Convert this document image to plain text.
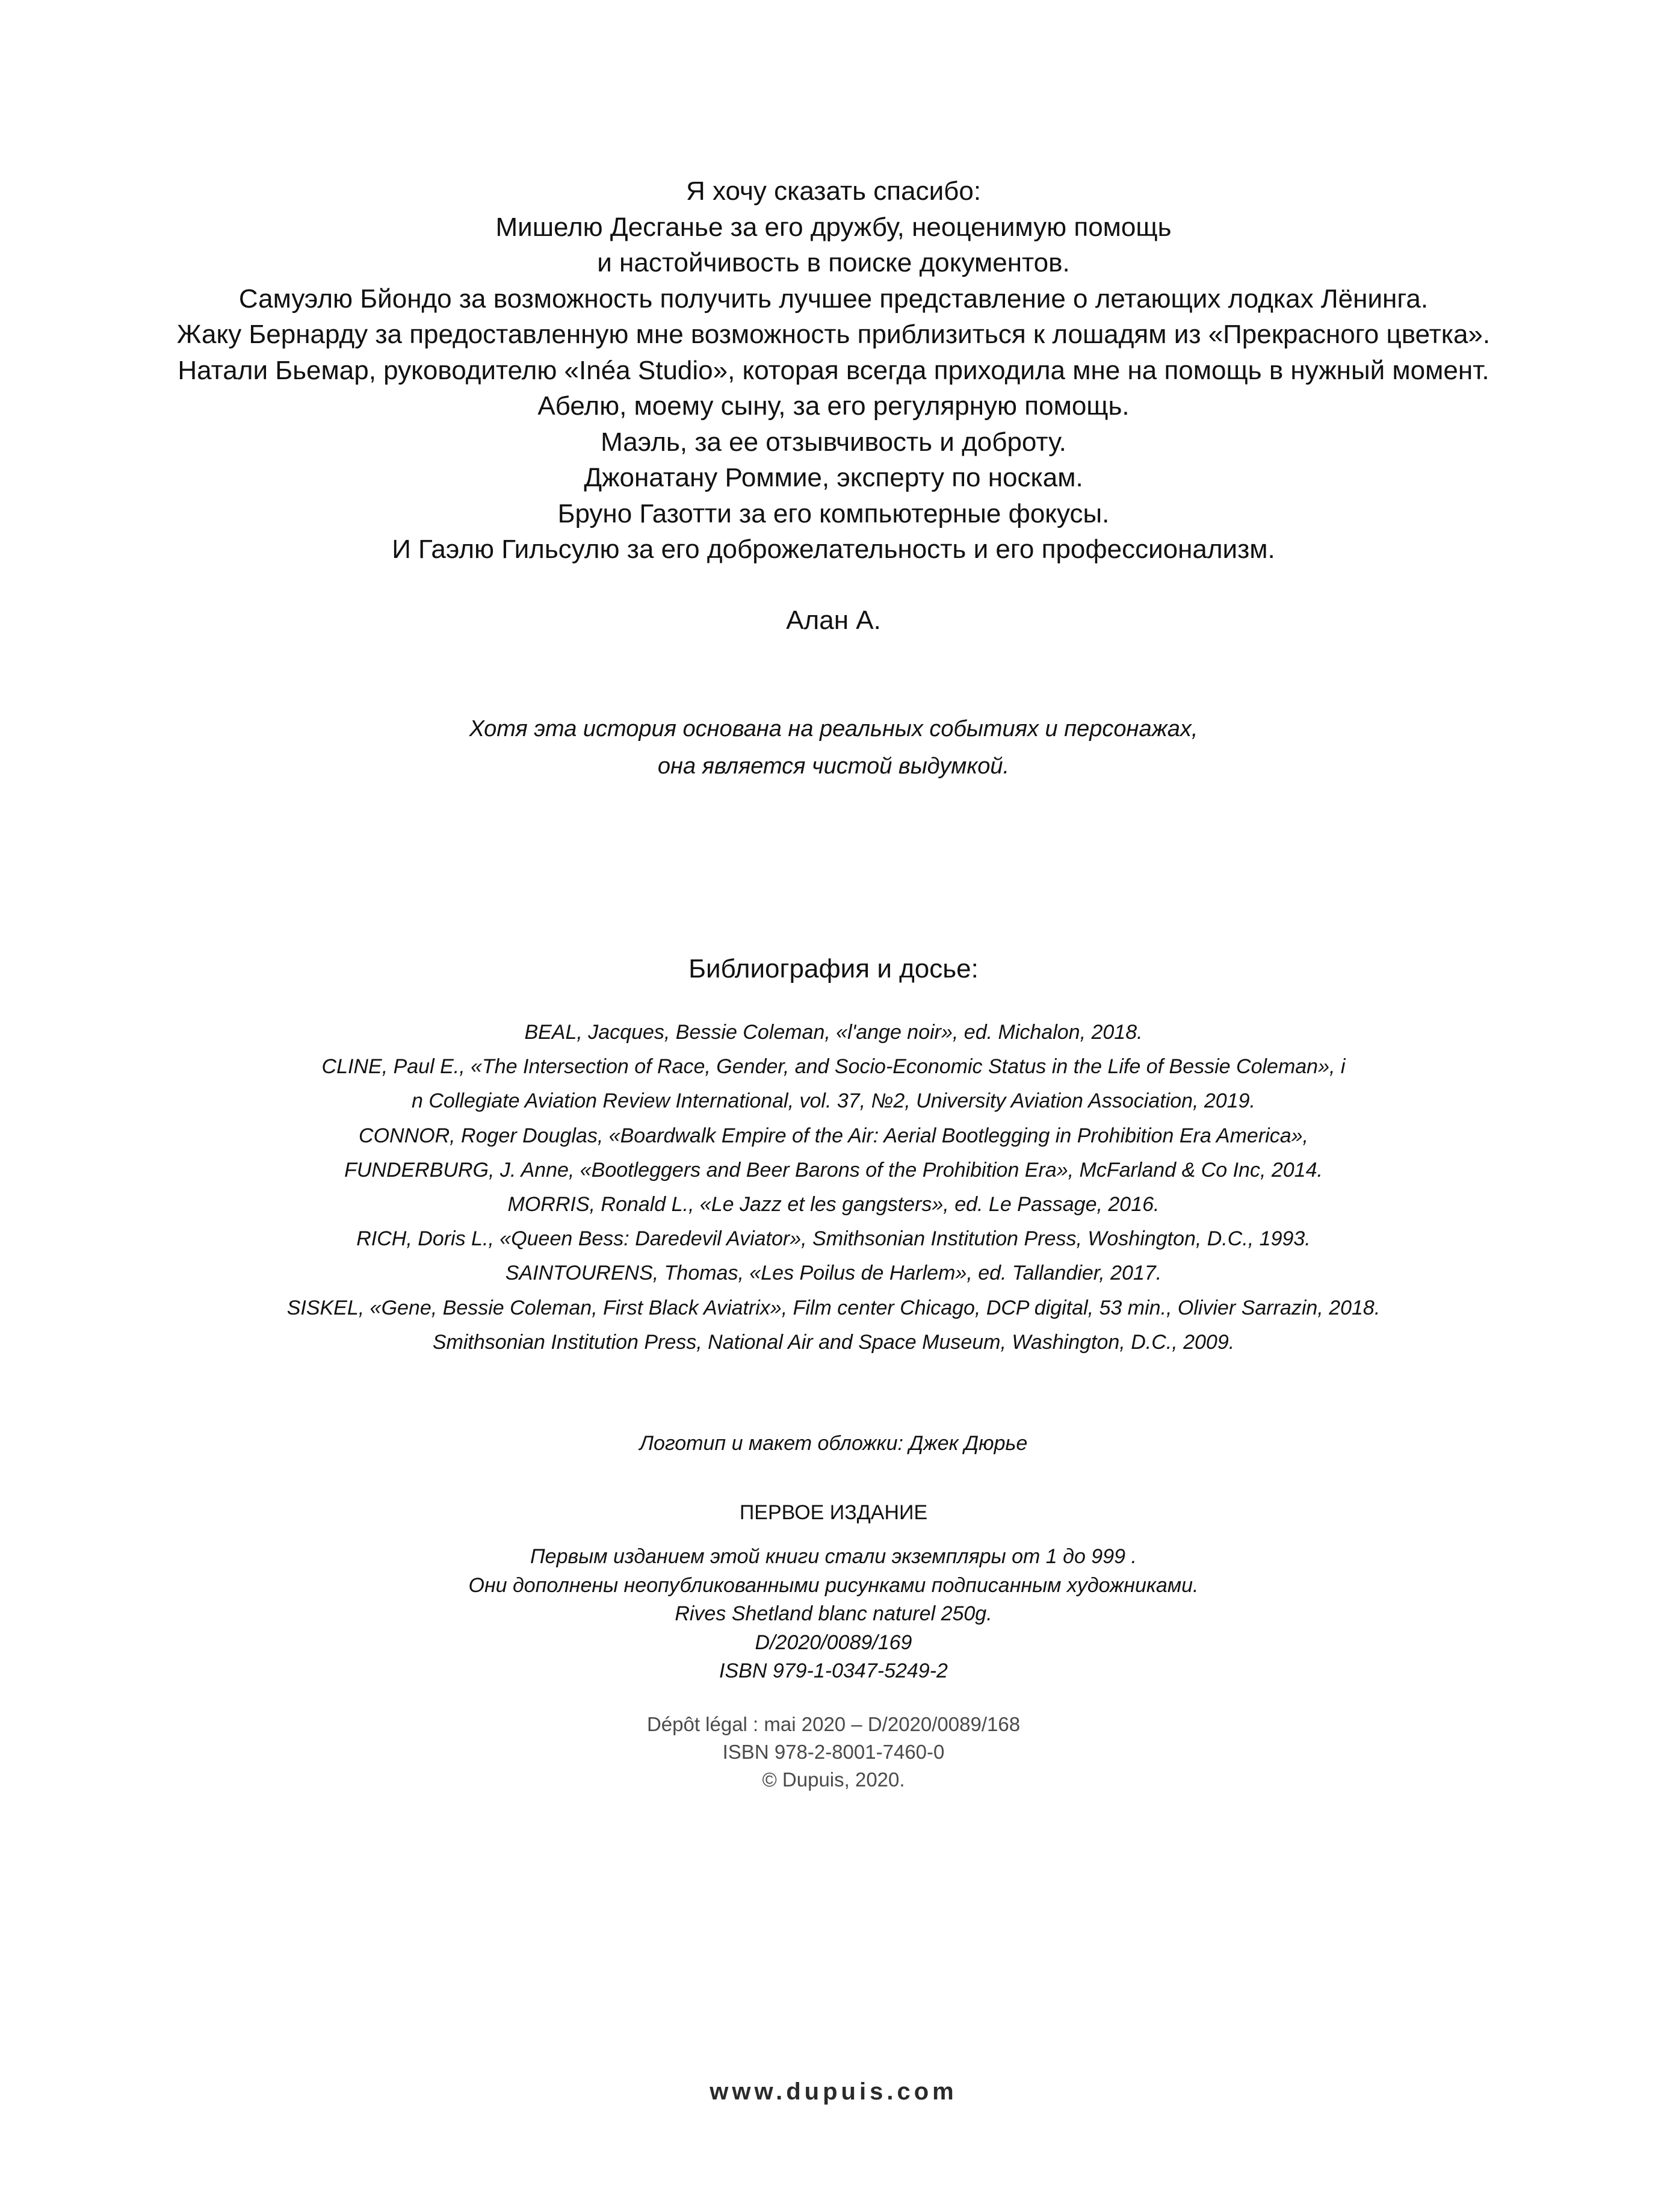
Я хочу сказать спасибо:
Мишелю Десганье за его дружбу, неоценимую помощь
и настойчивость в поиске документов.
Самуэлю Бйондо за возможность получить лучшее представление о летающих лодках Лёнинга.
Жаку Бернарду за предоставленную мне возможность приблизиться к лошадям из «Прекрасного цветка».
Натали Бьемар, руководителю «Inéa Studio», которая всегда приходила мне на помощь в нужный момент.
Абелю, моему сыну, за его регулярную помощь.
Маэль, за ее отзывчивость и доброту.
Джонатану Роммие, эксперту по носкам.
Бруно Газотти за его компьютерные фокусы.
И Гаэлю Гильсулю за его доброжелательность и его профессионализм.
Алан А.
Хотя эта история основана на реальных событиях и персонажах,
она является чистой выдумкой.
Библиография и досье:
BEAL, Jacques, Bessie Coleman, «l'ange noir», ed. Michalon, 2018.
CLINE, Paul E., «The Intersection of Race, Gender, and Socio-Economic Status in the Life of Bessie Coleman», i
n Collegiate Aviation Review International, vol. 37, №2, University Aviation Association, 2019.
CONNOR, Roger Douglas, «Boardwalk Empire of the Air: Aerial Bootlegging in Prohibition Era America»,
FUNDERBURG, J. Anne, «Bootleggers and Beer Barons of the Prohibition Era», McFarland & Co Inc, 2014.
MORRIS, Ronald L., «Le Jazz et les gangsters», ed. Le Passage, 2016.
RICH, Doris L., «Queen Bess: Daredevil Aviator», Smithsonian Institution Press, Woshington, D.C., 1993.
SAINTOURENS, Thomas, «Les Poilus de Harlem», ed. Tallandier, 2017.
SISKEL, «Gene, Bessie Coleman, First Black Aviatrix», Film center Chicago, DCP digital, 53 min., Olivier Sarrazin, 2018.
Smithsonian Institution Press, National Air and Space Museum, Washington, D.C., 2009.
Логотип и макет обложки: Джек Дюрье
ПЕРВОЕ ИЗДАНИЕ
Первым изданием этой книги стали экземпляры от 1 до 999 .
Они дополнены неопубликованными рисунками подписанным художниками.
Rives Shetland blanc naturel 250g.
D/2020/0089/169
ISBN 979-1-0347-5249-2
Dépôt légal : mai 2020 – D/2020/0089/168
ISBN 978-2-8001-7460-0
© Dupuis, 2020.
www.dupuis.com
